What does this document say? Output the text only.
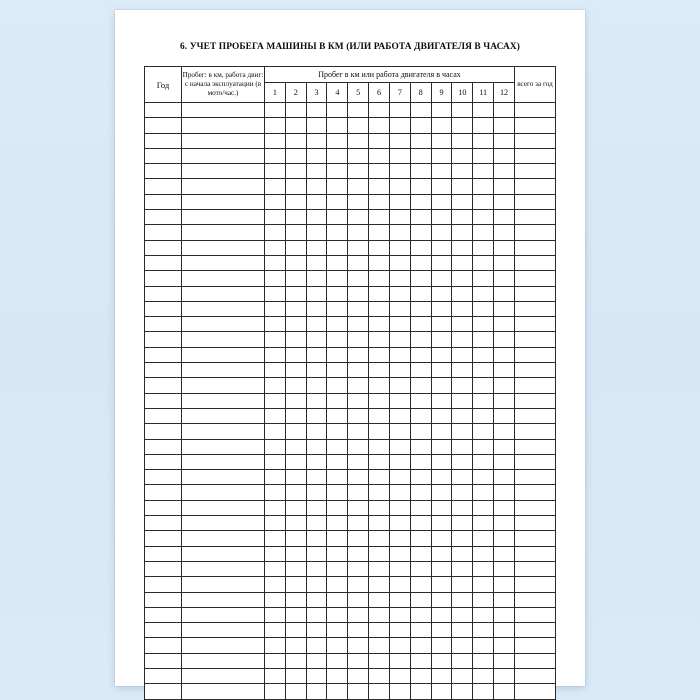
6. УЧЕТ ПРОБЕГА МАШИНЫ В КМ (ИЛИ РАБОТА ДВИГАТЕЛЯ В ЧАСАХ)
Год	Пробег: в км, работа двиг: с начала эксплуатации (в мото/час.)	Пробег в км или работа двигателя в часах												всего за год
		1	2	3	4	5	6	7	8	9	10	11	12	
